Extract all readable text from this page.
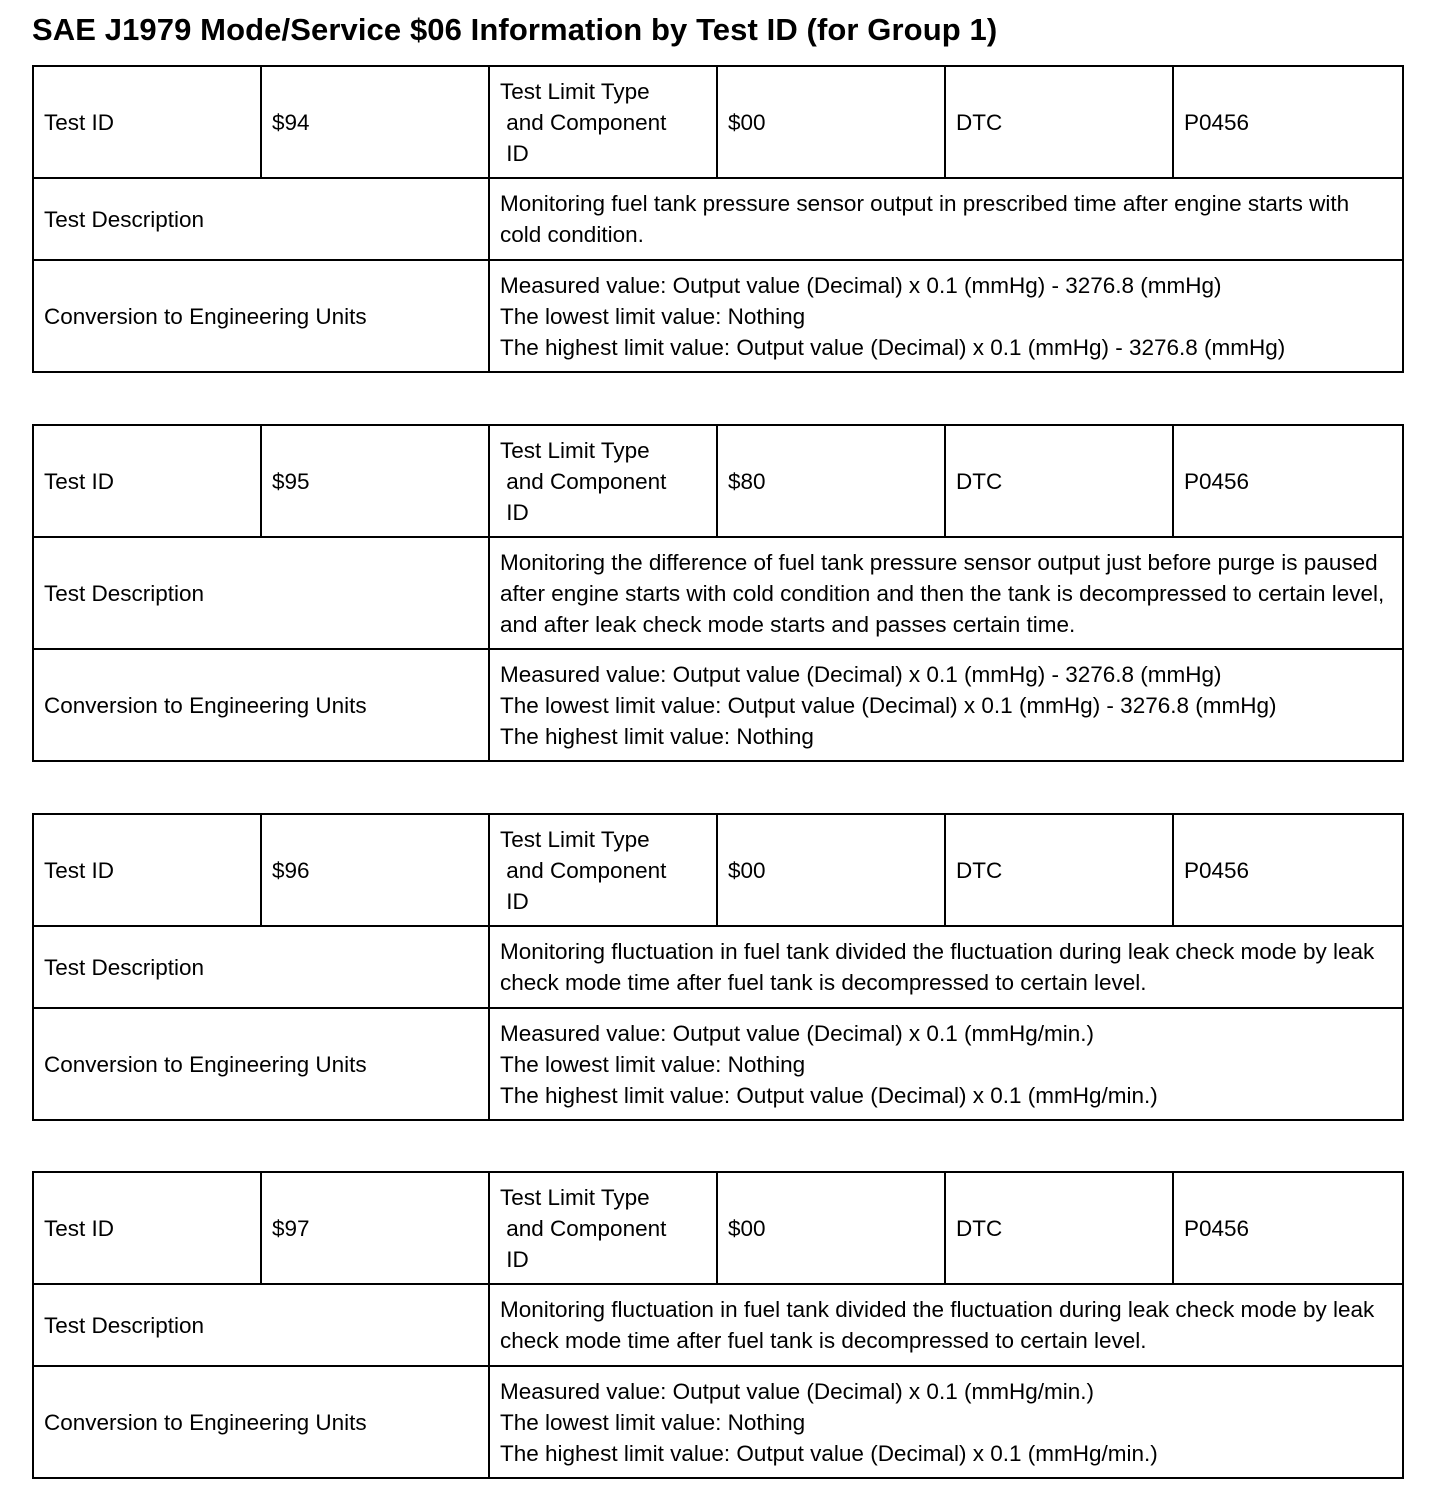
SAE J1979 Mode/Service $06 Information by Test ID (for Group 1)
Test ID	$94	Test Limit Type
and Component
ID	$00	DTC	P0456
Test Description		Monitoring fuel tank pressure sensor output in prescribed time after engine starts with cold condition.			

Conversion to Engineering Units		Measured value: Output value (Decimal) x 0.1 (mmHg) - 3276.8 (mmHg)
The lowest limit value: Nothing
The highest limit value: Output value (Decimal) x 0.1 (mmHg) - 3276.8 (mmHg)			
Test ID	$95	Test Limit Type
and Component
ID	$80	DTC	P0456
Test Description		Monitoring the difference of fuel tank pressure sensor output just before purge is paused after engine starts with cold condition and then the tank is decompressed to certain level, and after leak check mode starts and passes certain time.			

Conversion to Engineering Units		Measured value: Output value (Decimal) x 0.1 (mmHg) - 3276.8 (mmHg)
The lowest limit value: Output value (Decimal) x 0.1 (mmHg) - 3276.8 (mmHg)
The highest limit value: Nothing			
Test ID	$96	Test Limit Type
and Component
ID	$00	DTC	P0456
Test Description		Monitoring fluctuation in fuel tank divided the fluctuation during leak check mode by leak check mode time after fuel tank is decompressed to certain level.			

Conversion to Engineering Units		Measured value: Output value (Decimal) x 0.1 (mmHg/min.)
The lowest limit value: Nothing
The highest limit value: Output value (Decimal) x 0.1 (mmHg/min.)			
Test ID	$97	Test Limit Type
and Component
ID	$00	DTC	P0456
Test Description		Monitoring fluctuation in fuel tank divided the fluctuation during leak check mode by leak check mode time after fuel tank is decompressed to certain level.			

Conversion to Engineering Units		Measured value: Output value (Decimal) x 0.1 (mmHg/min.)
The lowest limit value: Nothing
The highest limit value: Output value (Decimal) x 0.1 (mmHg/min.)			
